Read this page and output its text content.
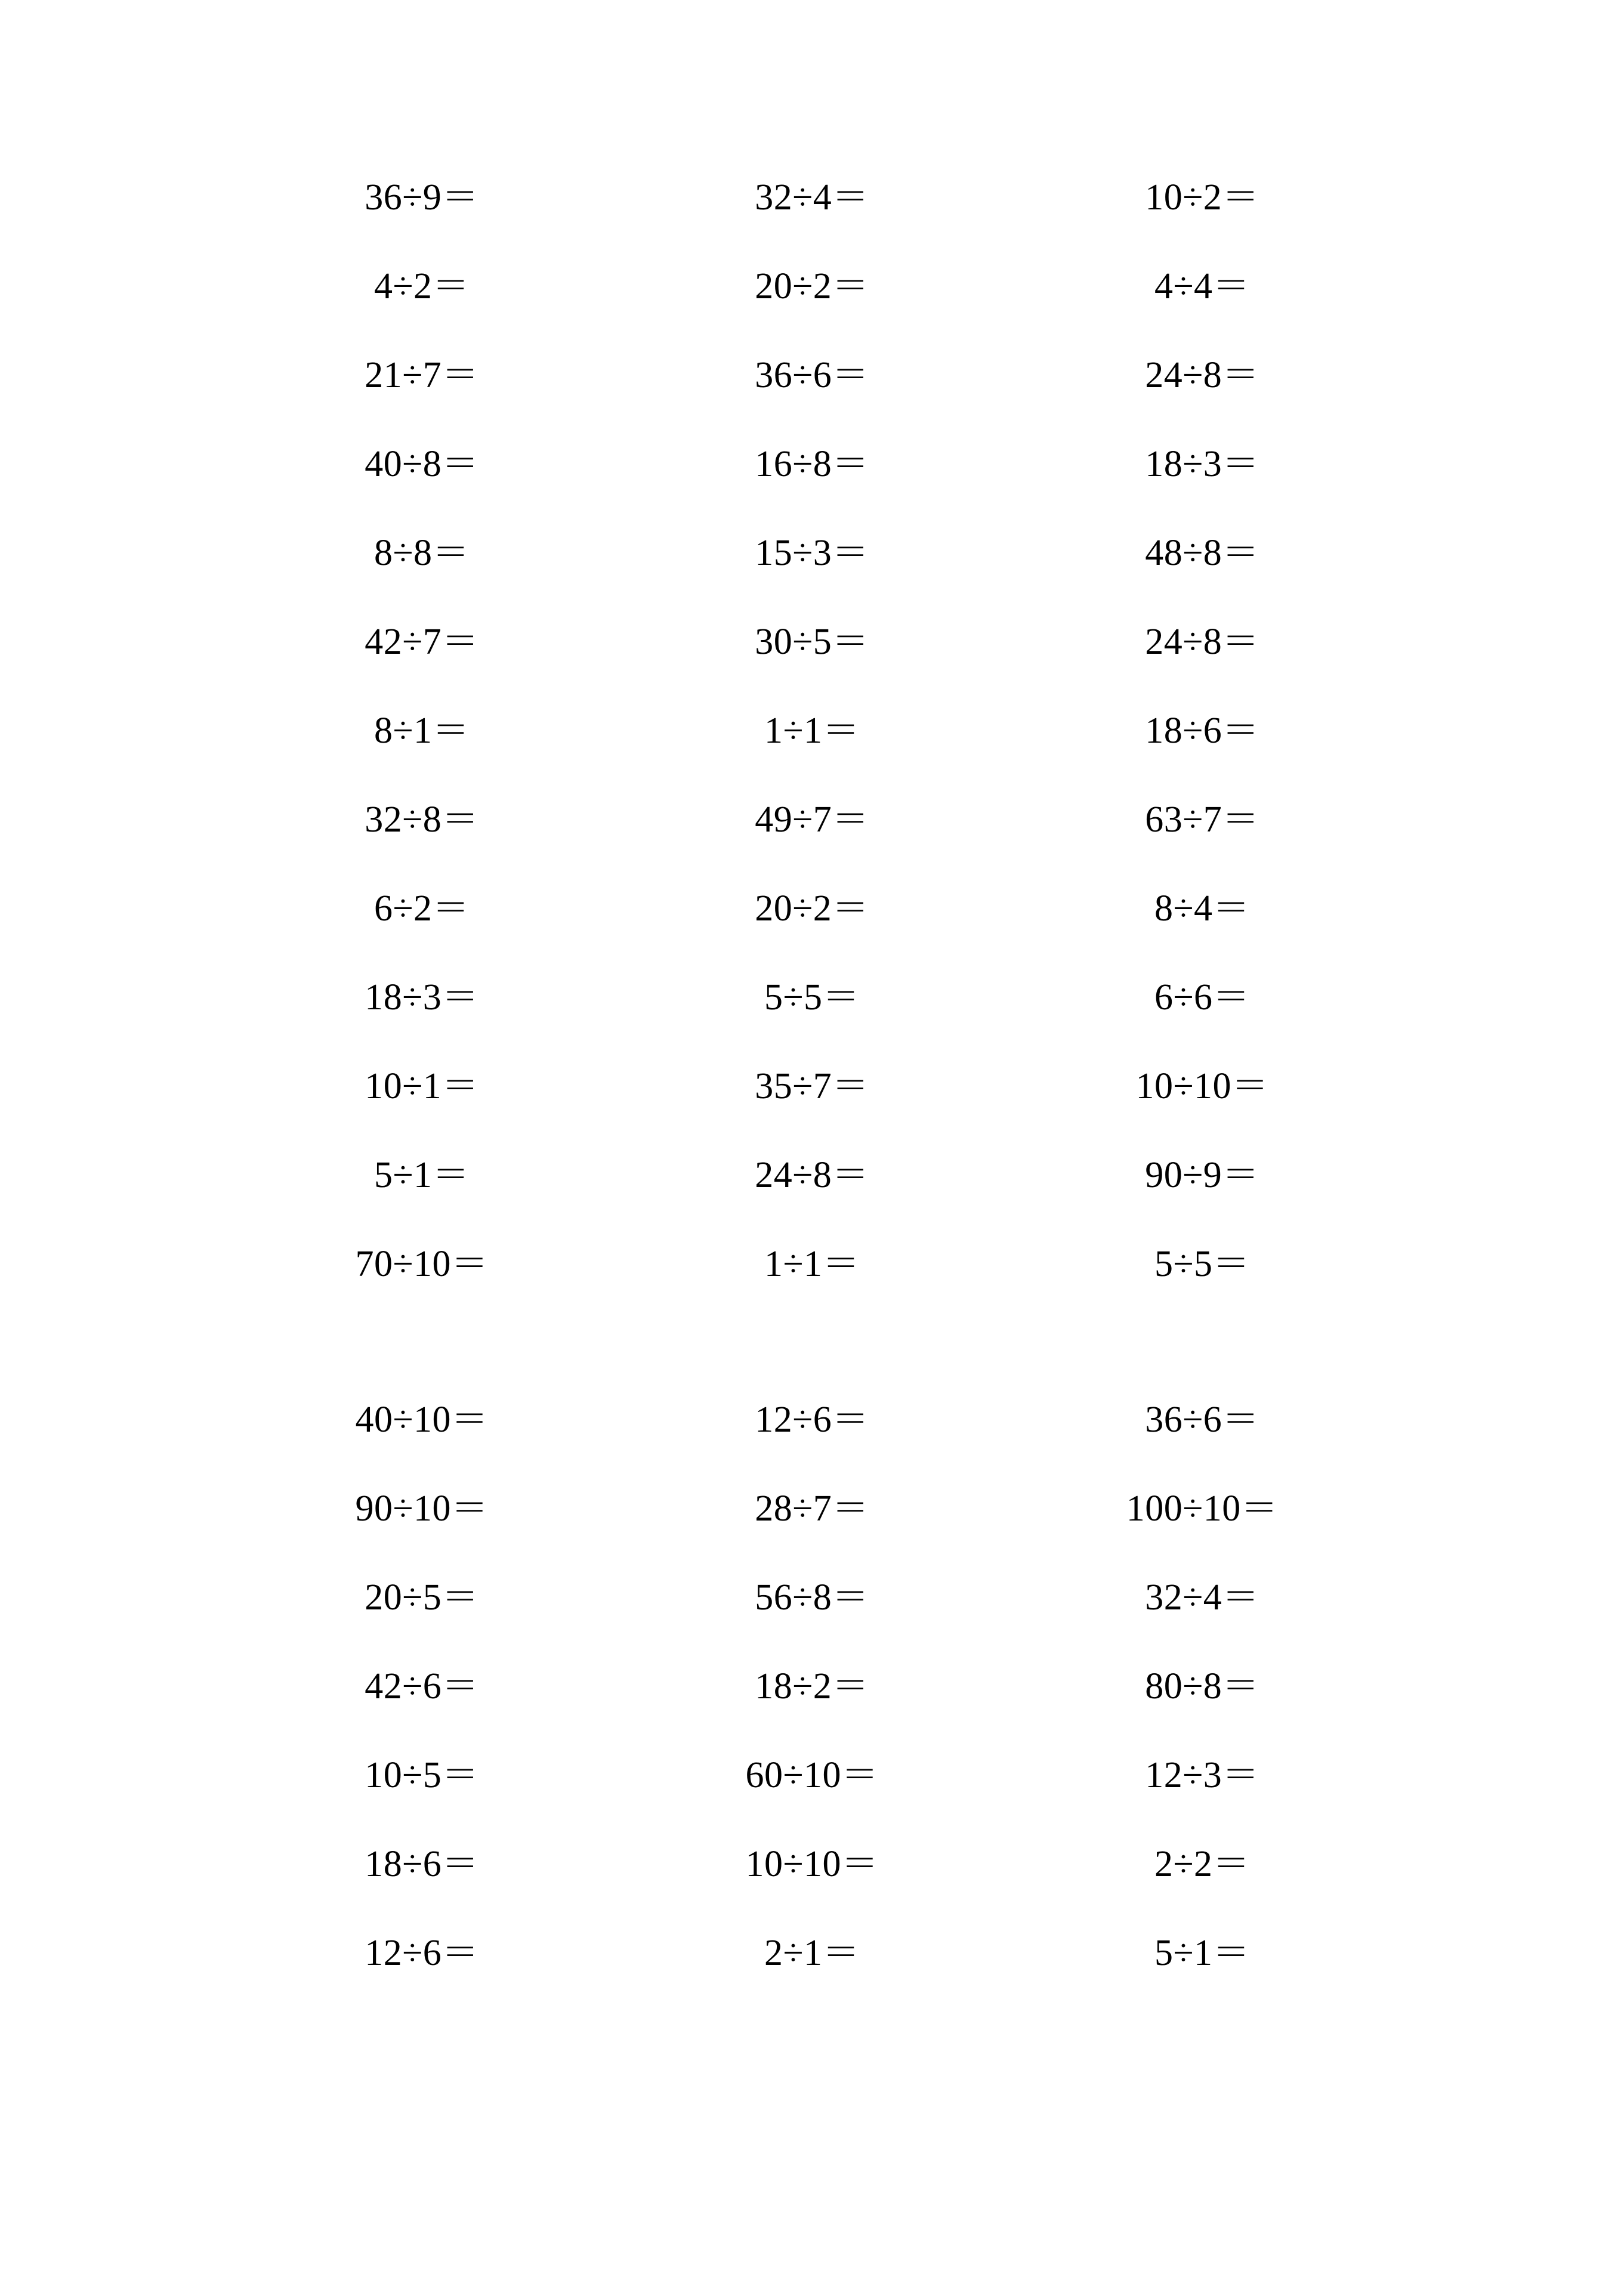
36÷9＝	32÷4＝	10÷2＝
4÷2＝	20÷2＝	4÷4＝
21÷7＝	36÷6＝	24÷8＝
40÷8＝	16÷8＝	18÷3＝
8÷8＝	15÷3＝	48÷8＝
42÷7＝	30÷5＝	24÷8＝
8÷1＝	1÷1＝	18÷6＝
32÷8＝	49÷7＝	63÷7＝
6÷2＝	20÷2＝	8÷4＝
18÷3＝	5÷5＝	6÷6＝
10÷1＝	35÷7＝	10÷10＝
5÷1＝	24÷8＝	90÷9＝
70÷10＝	1÷1＝	5÷5＝
40÷10＝	12÷6＝	36÷6＝
90÷10＝	28÷7＝	100÷10＝
20÷5＝	56÷8＝	32÷4＝
42÷6＝	18÷2＝	80÷8＝
10÷5＝	60÷10＝	12÷3＝
18÷6＝	10÷10＝	2÷2＝
12÷6＝	2÷1＝	5÷1＝
